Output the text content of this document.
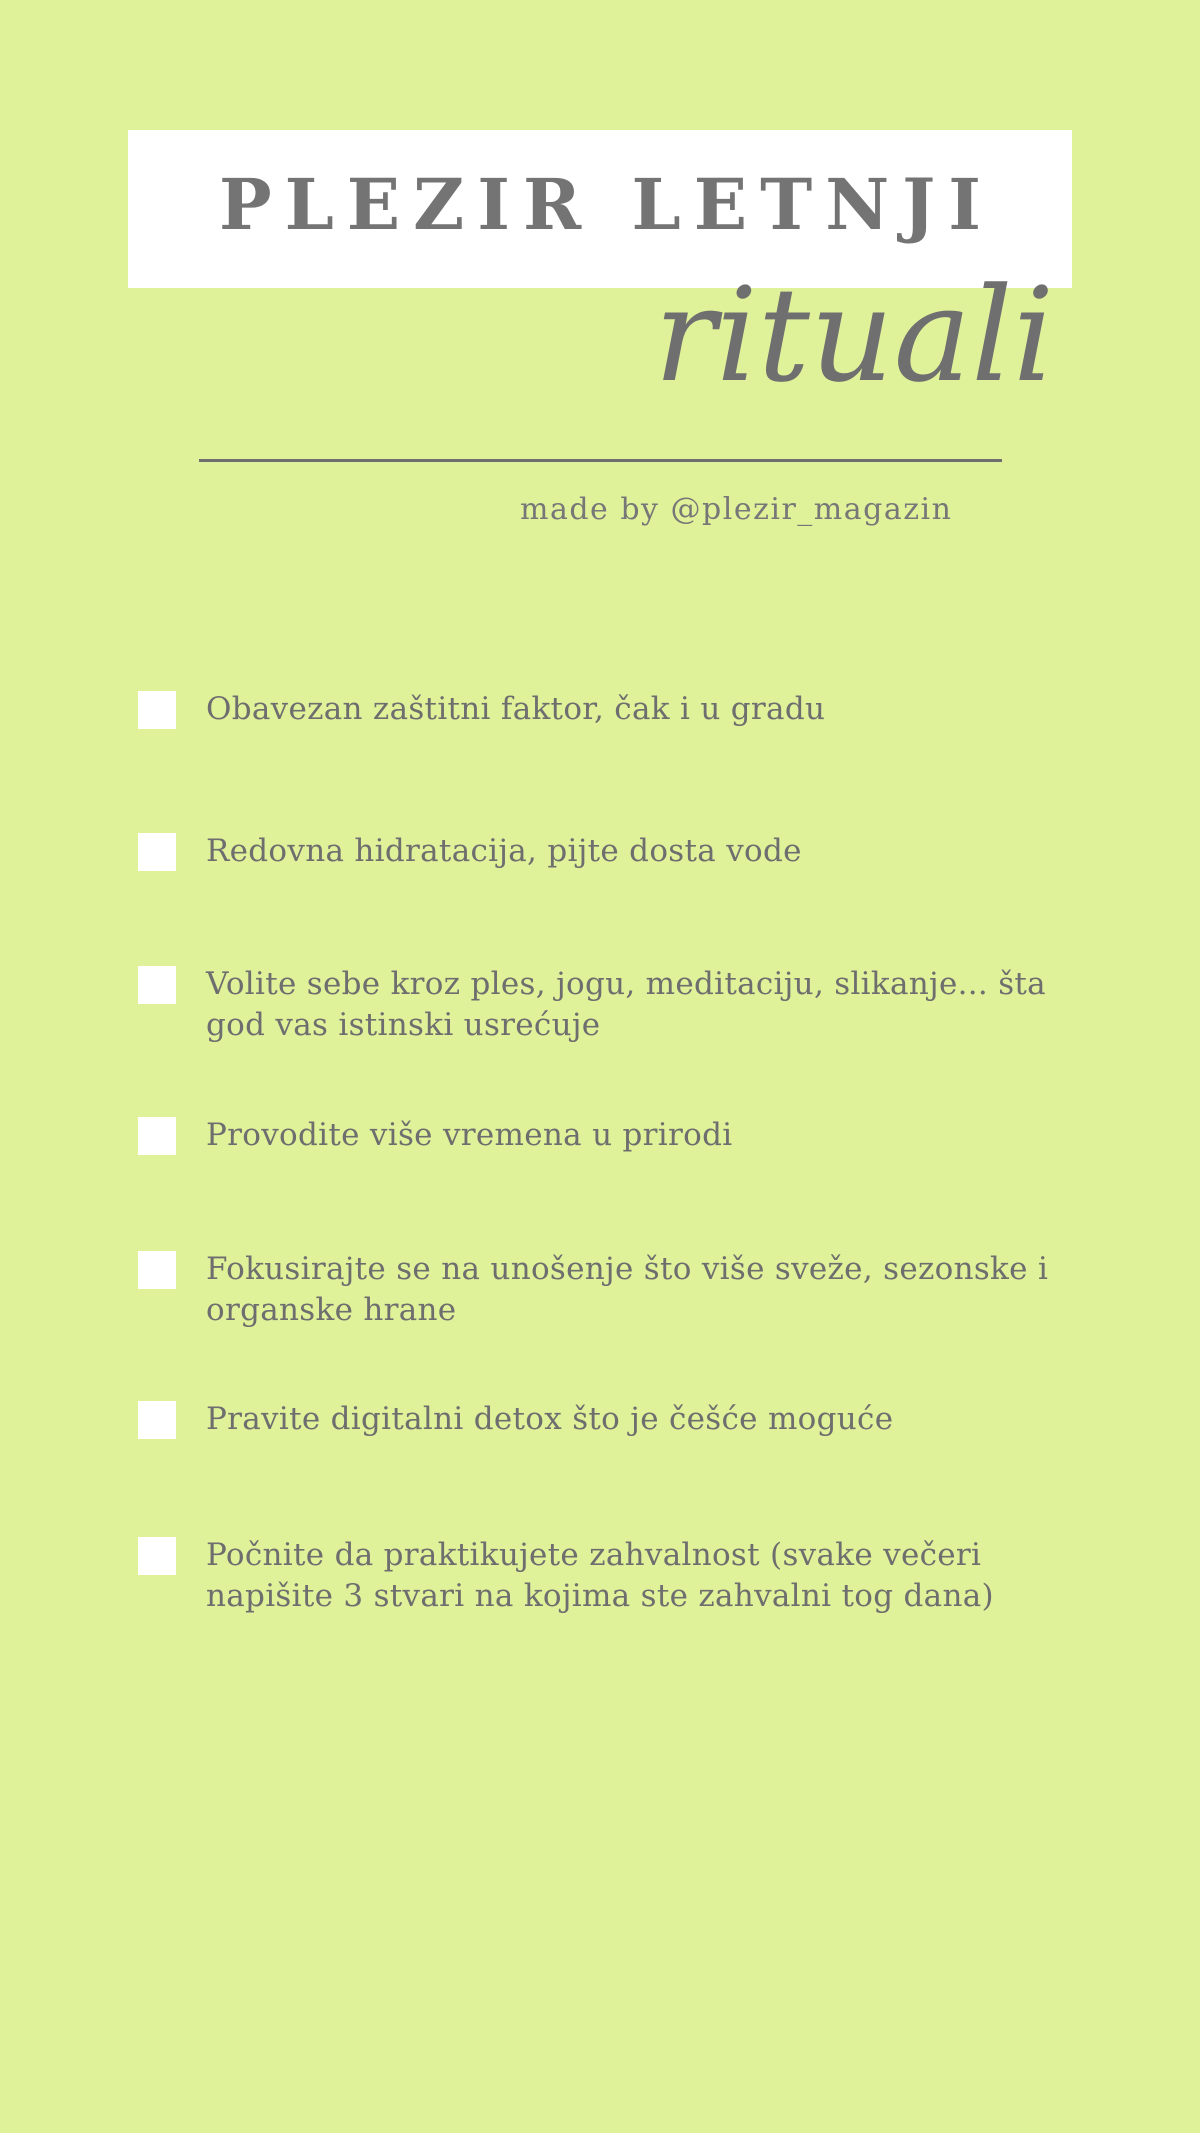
PLEZIR LETNJI
rituali
made by @plezir_magazin
Obavezan zaštitni faktor, čak i u gradu
Redovna hidratacija, pijte dosta vode
Volite sebe kroz ples, jogu, meditaciju, slikanje... šta god vas istinski usrećuje
Provodite više vremena u prirodi
Fokusirajte se na unošenje što više sveže, sezonske i organske hrane
Pravite digitalni detox što je češće moguće
Počnite da praktikujete zahvalnost (svake večeri napišite 3 stvari na kojima ste zahvalni tog dana)
